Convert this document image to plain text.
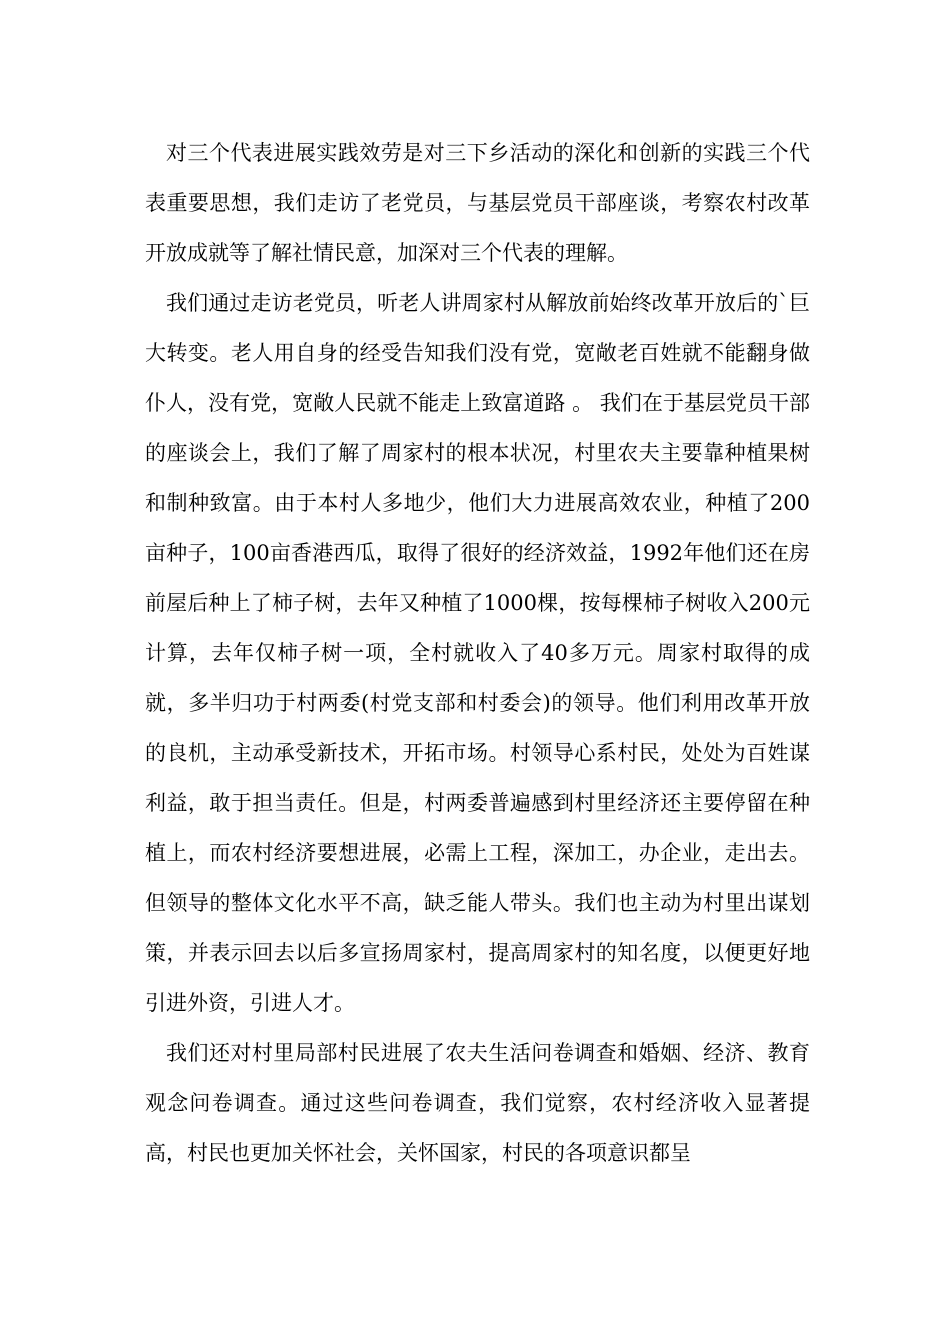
对三个代表进展实践效劳是对三下乡活动的深化和创新的实践三个代表重要思想，我们走访了老党员，与基层党员干部座谈，考察农村改革开放成就等了解社情民意，加深对三个代表的理解。

我们通过走访老党员，听老人讲周家村从解放前始终改革开放后的`巨大转变。老人用自身的经受告知我们没有党，宽敞老百姓就不能翻身做仆人，没有党，宽敞人民就不能走上致富道路 。 我们在于基层党员干部的座谈会上，我们了解了周家村的根本状况，村里农夫主要靠种植果树和制种致富。由于本村人多地少，他们大力进展高效农业，种植了200亩种子，100亩香港西瓜，取得了很好的经济效益，1992年他们还在房前屋后种上了柿子树，去年又种植了1000棵，按每棵柿子树收入200元计算，去年仅柿子树一项，全村就收入了40多万元。周家村取得的成就，多半归功于村两委(村党支部和村委会)的领导。他们利用改革开放的良机，主动承受新技术，开拓市场。村领导心系村民，处处为百姓谋利益，敢于担当责任。但是，村两委普遍感到村里经济还主要停留在种植上，而农村经济要想进展，必需上工程，深加工，办企业，走出去。但领导的整体文化水平不高，缺乏能人带头。我们也主动为村里出谋划策，并表示回去以后多宣扬周家村，提高周家村的知名度，以便更好地引进外资，引进人才。

我们还对村里局部村民进展了农夫生活问卷调查和婚姻、经济、教育观念问卷调查。通过这些问卷调查，我们觉察，农村经济收入显著提高，村民也更加关怀社会，关怀国家，村民的各项意识都呈
